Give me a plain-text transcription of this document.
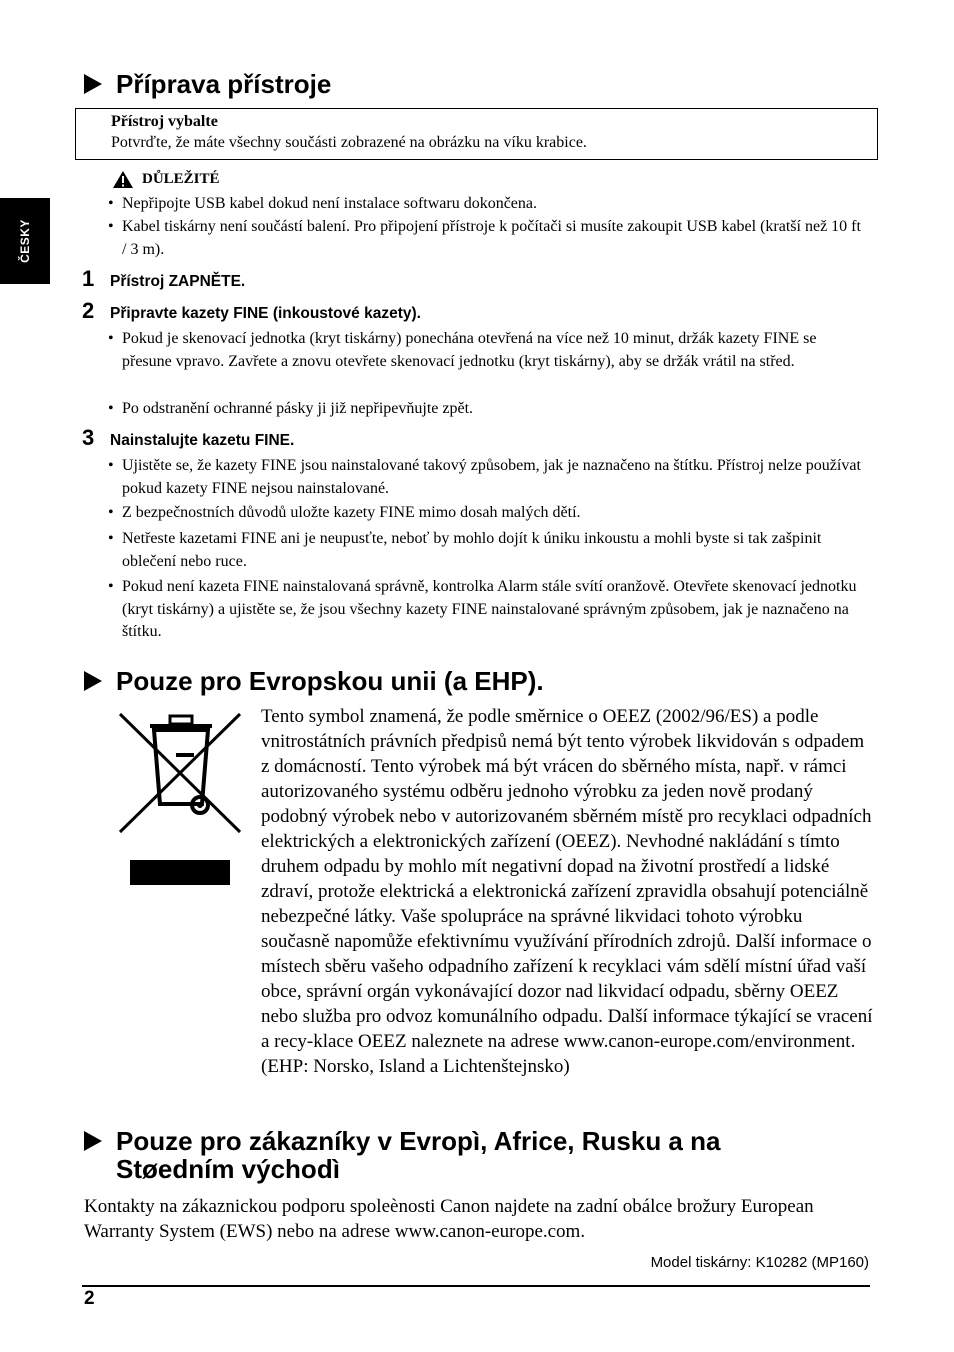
ČESKY
Příprava přístroje
Přístroj vybalte
Potvrďte, že máte všechny součásti zobrazené na obrázku na víku krabice.
DŮLEŽITÉ
• Nepřipojte USB kabel dokud není instalace softwaru dokončena.
• Kabel tiskárny není součástí balení. Pro připojení přístroje k počítači si musíte zakoupit USB kabel (kratší než 10 ft / 3 m).
1 Přístroj ZAPNĚTE.
2 Připravte kazety FINE (inkoustové kazety).
• Pokud je skenovací jednotka (kryt tiskárny) ponechána otevřená na více než 10 minut, držák kazety FINE se přesune vpravo. Zavřete a znovu otevřete skenovací jednotku (kryt tiskárny), aby se držák vrátil na střed.
• Po odstranění ochranné pásky ji již nepřipevňujte zpět.
3 Nainstalujte kazetu FINE.
• Ujistěte se, že kazety FINE jsou nainstalované takový způsobem, jak je naznačeno na štítku. Přístroj nelze používat pokud kazety FINE nejsou nainstalované.
• Z bezpečnostních důvodů uložte kazety FINE mimo dosah malých dětí.
• Netřeste kazetami FINE ani je neupusťte, neboť by mohlo dojít k úniku inkoustu a mohli byste si tak zašpinit oblečení nebo ruce.
• Pokud není kazeta FINE nainstalovaná správně, kontrolka Alarm stále svítí oranžově. Otevřete skenovací jednotku (kryt tiskárny) a ujistěte se, že jsou všechny kazety FINE nainstalované správným způsobem, jak je naznačeno na štítku.
Pouze pro Evropskou unii (a EHP).
Tento symbol znamená, že podle směrnice o OEEZ (2002/96/ES) a podle vnitrostátních právních předpisů nemá být tento výrobek likvidován s odpadem z domácností. Tento výrobek má být vrácen do sběrného místa, např. v rámci autorizovaného systému odběru jednoho výrobku za jeden nově prodaný podobný výrobek nebo v autorizovaném sběrném místě pro recyklaci odpadních elektrických a elektronických zařízení (OEEZ). Nevhodné nakládání s tímto druhem odpadu by mohlo mít negativní dopad na životní prostředí a lidské zdraví, protože elektrická a elektronická zařízení zpravidla obsahují potenciálně nebezpečné látky. Vaše spolupráce na správné likvidaci tohoto výrobku současně napomůže efektivnímu využívání přírodních zdrojů. Další informace o místech sběru vašeho odpadního zařízení k recyklaci vám sdělí místní úřad vaší obce, správní orgán vykonávající dozor nad likvidací odpadu, sběrny OEEZ nebo služba pro odvoz komunálního odpadu. Další informace týkající se vracení a recy-klace OEEZ naleznete na adrese www.canon-europe.com/environment. (EHP: Norsko, Island a Lichtenštejnsko)
Pouze pro zákazníky v Evropì, Africe, Rusku a na Støedním východì
Kontakty na zákaznickou podporu spoleènosti Canon najdete na zadní obálce brožury European Warranty System (EWS) nebo na adrese www.canon-europe.com.
Model tiskárny: K10282 (MP160)
2
